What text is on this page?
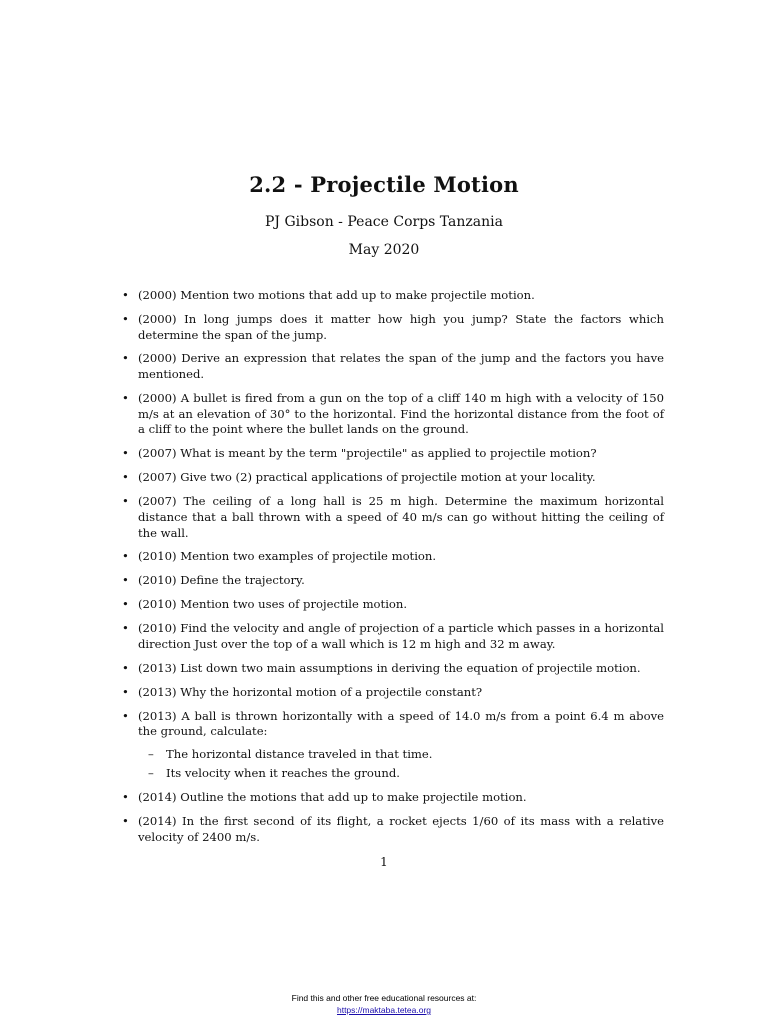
2.2 - Projectile Motion
PJ Gibson - Peace Corps Tanzania
May 2020
• (2000) Mention two motions that add up to make projectile motion.
• (2000) In long jumps does it matter how high you jump? State the factors which determine the span of the jump.
• (2000) Derive an expression that relates the span of the jump and the factors you have mentioned.
• (2000) A bullet is fired from a gun on the top of a cliff 140 m high with a velocity of 150 m/s at an elevation of 30° to the horizontal. Find the horizontal distance from the foot of a cliff to the point where the bullet lands on the ground.
• (2007) What is meant by the term "projectile" as applied to projectile motion?
• (2007) Give two (2) practical applications of projectile motion at your locality.
• (2007) The ceiling of a long hall is 25 m high. Determine the maximum horizontal distance that a ball thrown with a speed of 40 m/s can go without hitting the ceiling of the wall.
• (2010) Mention two examples of projectile motion.
• (2010) Define the trajectory.
• (2010) Mention two uses of projectile motion.
• (2010) Find the velocity and angle of projection of a particle which passes in a horizontal direction Just over the top of a wall which is 12 m high and 32 m away.
• (2013) List down two main assumptions in deriving the equation of projectile motion.
• (2013) Why the horizontal motion of a projectile constant?
• (2013) A ball is thrown horizontally with a speed of 14.0 m/s from a point 6.4 m above the ground, calculate:
– The horizontal distance traveled in that time.
– Its velocity when it reaches the ground.
• (2014) Outline the motions that add up to make projectile motion.
• (2014) In the first second of its flight, a rocket ejects 1/60 of its mass with a relative velocity of 2400 m/s.
1
Find this and other free educational resources at:
https://maktaba.tetea.org
